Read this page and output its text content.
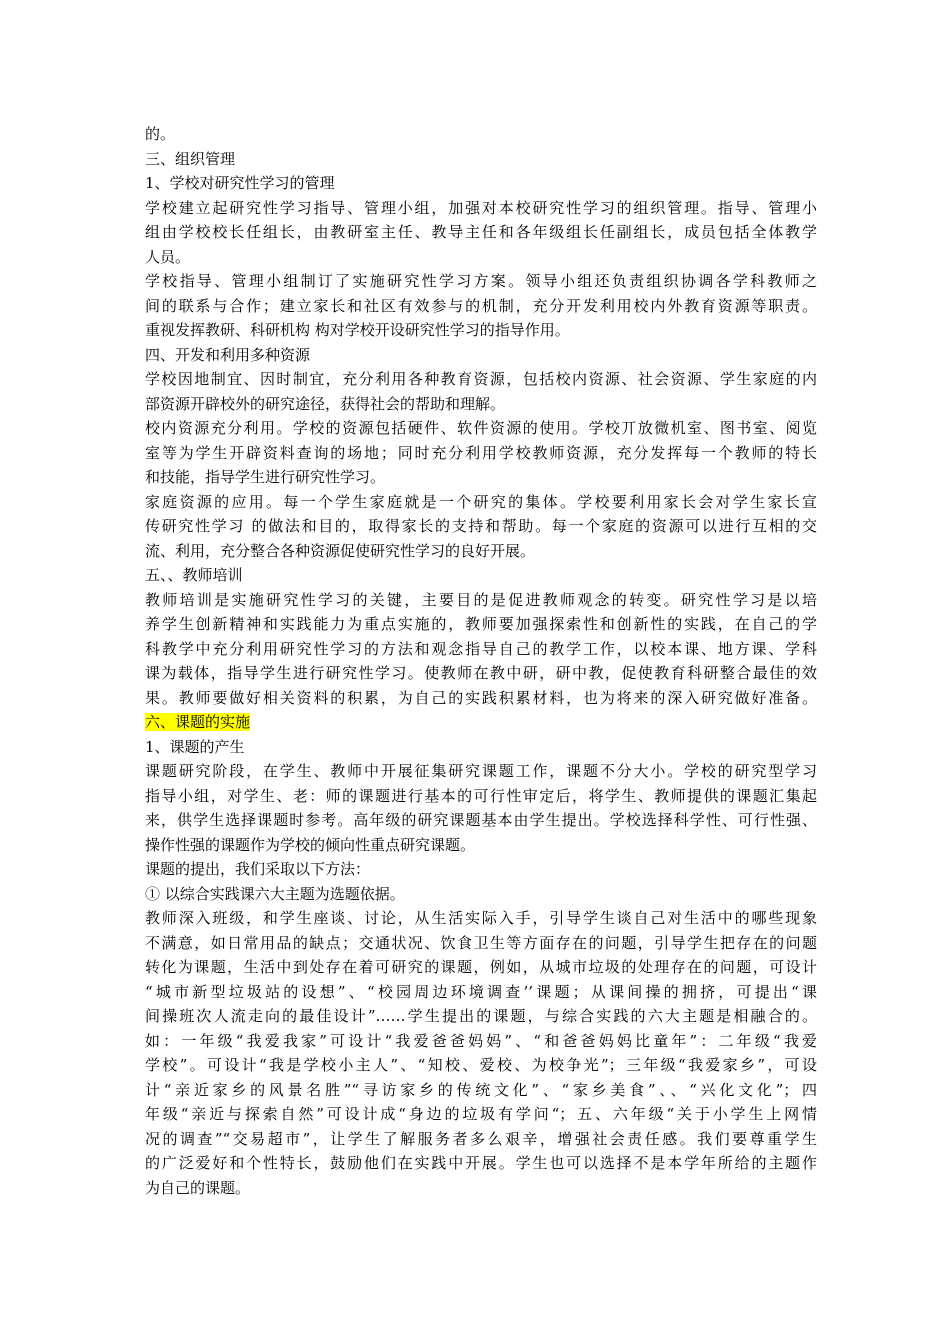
的。
三、组织管理
1、学校对研究性学习的管理
学校建立起研究性学习指导、管理小组，加强对本校研究性学习的组织管理。指导、管理小
组由学校校长任组长，由教研室主任、教导主任和各年级组长任副组长，成员包括全体教学
人员。
学校指导、管理小组制订了实施研究性学习方案。领导小组还负责组织协调各学科教师之
间的联系与合作；建立家长和社区有效参与的机制，充分开发利用校内外教育资源等职责。
重视发挥教研、科研机构 构对学校开设研究性学习的指导作用。
四、开发和利用多种资源
学校因地制宜、因时制宜，充分利用各种教育资源，包括校内资源、社会资源、学生家庭的内
部资源开辟校外的研究途径，获得社会的帮助和理解。
校内资源充分利用。学校的资源包括硬件、软件资源的使用。学校丌放微机室、图书室、阅览
室等为学生开辟资料查询的场地；同时充分利用学校教师资源，充分发挥每一个教师的特长
和技能，指导学生进行研究性学习。
家庭资源的应用。每一个学生家庭就是一个研究的集体。学校要利用家长会对学生家长宣
传研究性学习 的做法和目的，取得家长的支持和帮助。每一个家庭的资源可以进行互相的交
流、利用，充分整合各种资源促使研究性学习的良好开展。
五、、教师培训
教师培训是实施研究性学习的关键，主要目的是促进教师观念的转变。研究性学习是以培
养学生创新精神和实践能力为重点实施的，教师要加强探索性和创新性的实践，在自己的学
科教学中充分利用研究性学习的方法和观念指导自己的教学工作，以校本课、地方课、学科
课为载体，指导学生进行研究性学习。使教师在教中研，研中教，促使教育科研整合最佳的效
果。教师要做好相关资料的积累，为自己的实践积累材料，也为将来的深入研究做好准备。
六、课题的实施
1、课题的产生
课题研究阶段，在学生、教师中开展征集研究课题工作，课题不分大小。学校的研究型学习
指导小组，对学生、老：师的课题进行基本的可行性审定后，将学生、教师提供的课题汇集起
来，供学生选择课题时参考。高年级的研究课题基本由学生提出。学校选择科学性、可行性强、
操作性强的课题作为学校的倾向性重点研究课题。
课题的提出，我们采取以下方法：
① 以综合实践课六大主题为选题依据。
教师深入班级，和学生座谈、讨论，从生活实际入手，引导学生谈自己对生活中的哪些现象
不满意，如日常用品的缺点；交通状况、饮食卫生等方面存在的问题，引导学生把存在的问题
转化为课题，生活中到处存在着可研究的课题，例如，从城市垃圾的处理存在的问题，可设计
“城市新型垃圾站的设想”、“校园周边环境调查’’课题；从课间操的拥挤，可提出“课
间操班次人流走向的最佳设计”……学生提出的课题，与综合实践的六大主题是相融合的。
如：一年级“我爱我家”可设计“我爱爸爸妈妈”、“和爸爸妈妈比童年”：二年级“我爱
学校”。可设计“我是学校小主人”、“知校、爱校、为校争光”；三年级“我爱家乡”，可设
计“亲近家乡的风景名胜”“寻访家乡的传统文化”、“家乡美食”、、“兴化文化”；四
年级“亲近与探索自然”可设计成“身边的垃圾有学问“；五、六年级“关于小学生上网情
况的调查”“交易超市”，让学生了解服务者多么艰辛，增强社会责任感。我们要尊重学生
的广泛爱好和个性特长，鼓励他们在实践中开展。学生也可以选择不是本学年所给的主题作
为自己的课题。
